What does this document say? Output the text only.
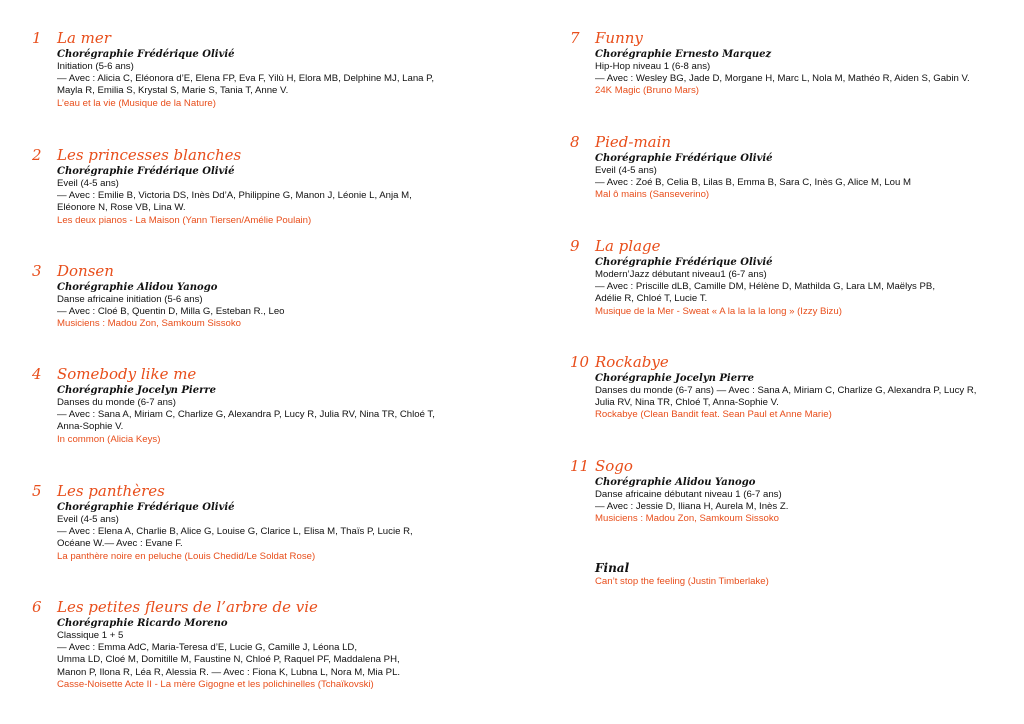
1	La mer
Chorégraphie Frédérique Olivié
Initiation (5-6 ans)
— Avec : Alicia C, Eléonora d’E, Elena FP, Eva F, Yilù H, Elora MB, Delphine MJ, Lana P,
Mayla R, Emilia S, Krystal S, Marie S, Tania T, Anne V.
L’eau et la vie (Musique de la Nature)
2	Les princesses blanches
Chorégraphie Frédérique Olivié
Eveil (4-5 ans)
— Avec : Emilie B, Victoria DS, Inès Dd’A, Philippine G, Manon J, Léonie L, Anja M,
Eléonore N, Rose VB, Lina W.
Les deux pianos - La Maison (Yann Tiersen/Amélie Poulain)
3	Donsen
Chorégraphie Alidou Yanogo
Danse africaine initiation (5-6 ans)
— Avec : Cloé B, Quentin D, Milla G, Esteban R., Leo
Musiciens : Madou Zon, Samkoum Sissoko
4	Somebody like me
Chorégraphie Jocelyn Pierre
Danses du monde (6-7 ans)
— Avec : Sana A, Miriam C, Charlize G, Alexandra P, Lucy R, Julia RV, Nina TR, Chloé T,
Anna-Sophie V.
In common (Alicia Keys)
5	Les panthères
Chorégraphie Frédérique Olivié
Eveil (4-5 ans)
— Avec : Elena A, Charlie B, Alice G, Louise G, Clarice L, Elisa M, Thaïs P, Lucie R,
Océane W.— Avec : Evane F.
La panthère noire en peluche (Louis Chedid/Le Soldat Rose)
6	Les petites fleurs de l’arbre de vie
Chorégraphie Ricardo Moreno
Classique 1 + 5
— Avec : Emma AdC, Maria-Teresa d’E, Lucie G, Camille J, Léona LD,
Umma LD, Cloé M, Domitille M, Faustine N, Chloé P, Raquel PF, Maddalena PH,
Manon P, Ilona R, Léa R, Alessia R. — Avec : Fiona K, Lubna L, Nora M, Mia PL.
Casse-Noisette Acte II - La mère Gigogne et les polichinelles (Tchaïkovski)
7	Funny
Chorégraphie Ernesto Marquez
Hip-Hop niveau 1 (6-8 ans)
— Avec : Wesley BG, Jade D, Morgane H, Marc L, Nola M, Mathéo R, Aiden S, Gabin V.
24K Magic (Bruno Mars)
8	Pied-main
Chorégraphie Frédérique Olivié
Eveil (4-5 ans)
— Avec : Zoé B, Celia B, Lilas B, Emma B, Sara C, Inès G, Alice M, Lou M
Mal ô mains (Sanseverino)
9	La plage
Chorégraphie Frédérique Olivié
Modern’Jazz débutant niveau1 (6-7 ans)
— Avec : Priscille dLB, Camille DM, Hélène D, Mathilda G, Lara LM, Maëlys PB,
Adélie R, Chloé T, Lucie T.
Musique de la Mer - Sweat « A la la la la long » (Izzy Bizu)
10 Rockabye
Chorégraphie Jocelyn Pierre
Danses du monde (6-7 ans) — Avec : Sana A, Miriam C, Charlize G, Alexandra P, Lucy R,
Julia RV, Nina TR, Chloé T, Anna-Sophie V.
Rockabye (Clean Bandit feat. Sean Paul et Anne Marie)
11 Sogo
Chorégraphie Alidou Yanogo
Danse africaine débutant niveau 1 (6-7 ans)
— Avec : Jessie D, Iliana H, Aurela M, Inès Z.
Musiciens : Madou Zon, Samkoum Sissoko
Final
Can’t stop the feeling (Justin Timberlake)
